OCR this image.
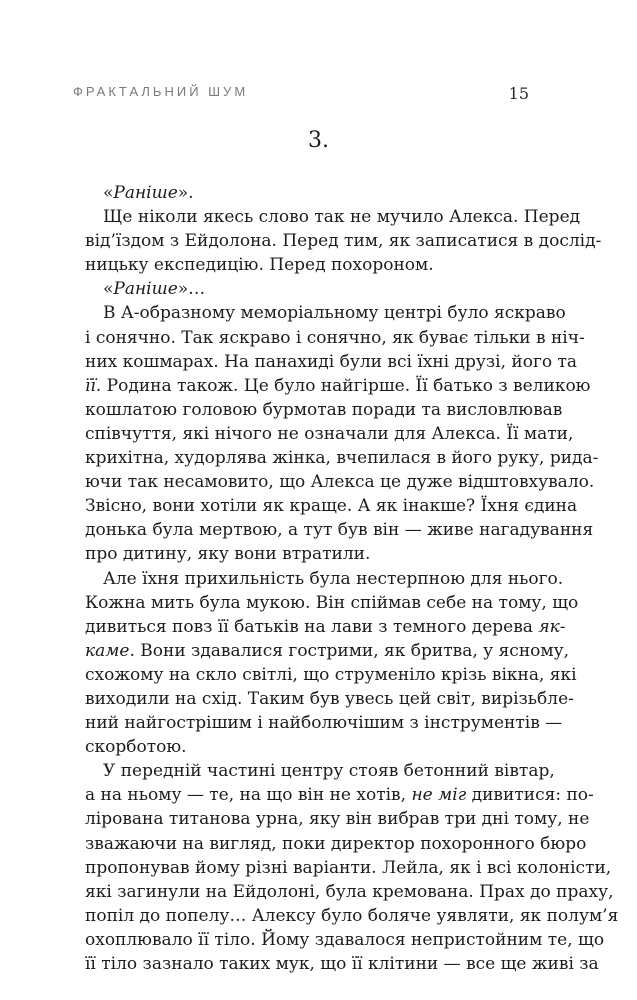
ФРАКТАЛЬНИЙ ШУМ	15
3.
«Раніше».
Ще ніколи якесь слово так не мучило Алекса. Перед
від’їздом з Ейдолона. Перед тим, як записатися в дослід-
ницьку експедицію. Перед похороном.
«Раніше»…
В А-образному меморіальному центрі було яскраво
і сонячно. Так яскраво і сонячно, як буває тільки в ніч-
них кошмарах. На панахиді були всі їхні друзі, його та
її. Родина також. Це було найгірше. Її батько з великою
кошлатою головою бурмотав поради та висловлював
співчуття, які нічого не означали для Алекса. Її мати,
крихітна, худорлява жінка, вчепилася в його руку, рида-
ючи так несамовито, що Алекса це дуже відштовхувало.
Звісно, вони хотіли як краще. А як інакше? Їхня єдина
донька була мертвою, а тут був він — живе нагадування
про дитину, яку вони втратили.
Але їхня прихильність була нестерпною для нього.
Кожна мить була мукою. Він спіймав себе на тому, що
дивиться повз її батьків на лави з темного дерева як-
каме. Вони здавалися гострими, як бритва, у ясному,
схожому на скло світлі, що струменіло крізь вікна, які
виходили на схід. Таким був увесь цей світ, вирізьбле-
ний найгострішим і найболючішим з інструментів —
скорботою.
У передній частині центру стояв бетонний вівтар,
а на ньому — те, на що він не хотів, не міг дивитися: по-
лірована титанова урна, яку він вибрав три дні тому, не
зважаючи на вигляд, поки директор похоронного бюро
пропонував йому різні варіанти. Лейла, як і всі колоністи,
які загинули на Ейдолоні, була кремована. Прах до праху,
попіл до попелу… Алексу було боляче уявляти, як полум’я
охоплювало її тіло. Йому здавалося непристойним те, що
її тіло зазнало таких мук, що її клітини — все ще живі за
